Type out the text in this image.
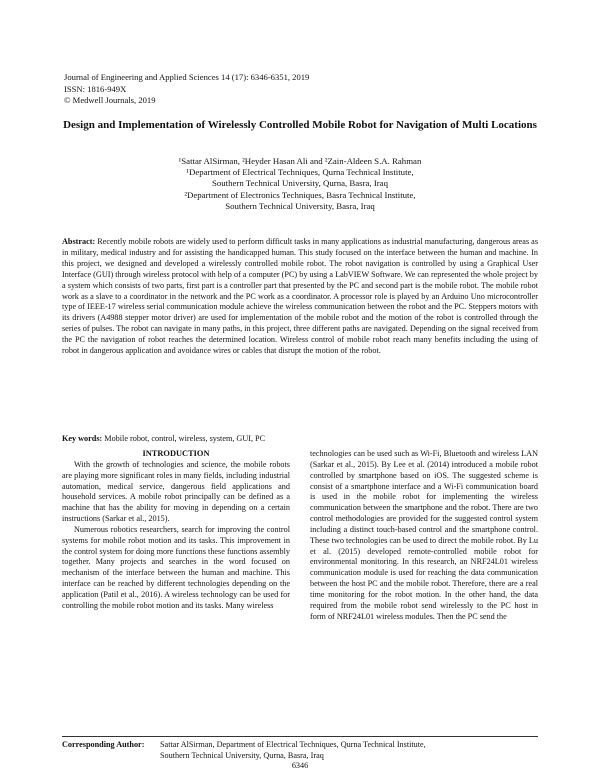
Journal of Engineering and Applied Sciences 14 (17): 6346-6351, 2019
ISSN: 1816-949X
© Medwell Journals, 2019
Design and Implementation of Wirelessly Controlled Mobile Robot for Navigation of Multi Locations
¹Sattar AlSirman, ²Heyder Hasan Ali and ²Zain-Aldeen S.A. Rahman
¹Department of Electrical Techniques, Qurna Technical Institute,
Southern Technical University, Qurna, Basra, Iraq
²Department of Electronics Techniques, Basra Technical Institute,
Southern Technical University, Basra, Iraq
Abstract: Recently mobile robots are widely used to perform difficult tasks in many applications as industrial manufacturing, dangerous areas as in military, medical industry and for assisting the handicapped human. This study focused on the interface between the human and machine. In this project, we designed and developed a wirelessly controlled mobile robot. The robot navigation is controlled by using a Graphical User Interface (GUI) through wireless protocol with help of a computer (PC) by using a LabVIEW Software. We can represented the whole project by a system which consists of two parts, first part is a controller part that presented by the PC and second part is the mobile robot. The mobile robot work as a slave to a coordinator in the network and the PC work as a coordinator. A processor role is played by an Arduino Uno microcontroller type of IEEE-17 wireless serial communication module achieve the wireless communication between the robot and the PC. Steppers motors with its drivers (A4988 stepper motor driver) are used for implementation of the mobile robot and the motion of the robot is controlled through the series of pulses. The robot can navigate in many paths, in this project, three different paths are navigated. Depending on the signal received from the PC the navigation of robot reaches the determined location. Wireless control of mobile robot reach many benefits including the using of robot in dangerous application and avoidance wires or cables that disrupt the motion of the robot.
Key words: Mobile robot, control, wireless, system, GUI, PC

INTRODUCTION

With the growth of technologies and science, the mobile robots are playing more significant roles in many fields, including industrial automation, medical service, dangerous field applications and household services. A mobile robot principally can be defined as a machine that has the ability for moving in depending on a certain instructions (Sarkar et al., 2015).

Numerous robotics researchers, search for improving the control systems for mobile robot motion and its tasks. This improvement in the control system for doing more functions these functions assembly together. Many projects and searches in the word focused on mechanism of the interface between the human and machine. This interface can be reached by different technologies depending on the application (Patil et al., 2016). A wireless technology can be used for controlling the mobile robot motion and its tasks. Many wireless

technologies can be used such as Wi-Fi, Bluetooth and wireless LAN (Sarkar et al., 2015). By Lee et al. (2014) introduced a mobile robot controlled by smartphone based on iOS. The suggested scheme is consist of a smartphone interface and a Wi-Fi communication board is used in the mobile robot for implementing the wireless communication between the smartphone and the robot. There are two control methodologies are provided for the suggested control system including a distinct touch-based control and the smartphone control. These two technologies can be used to direct the mobile robot. By Lu et al. (2015) developed remote-controlled mobile robot for environmental monitoring. In this research, an NRF24L01 wireless communication module is used for reaching the data communication between the host PC and the mobile robot. Therefore, there are a real time monitoring for the robot motion. In the other hand, the data required from the mobile robot send wirelessly to the PC host in form of NRF24L01 wireless modules. Then the PC send the

Corresponding Author:	Sattar AlSirman, Department of Electrical Techniques, Qurna Technical Institute,
Southern Technical University, Qurna, Basra, Iraq
6346
